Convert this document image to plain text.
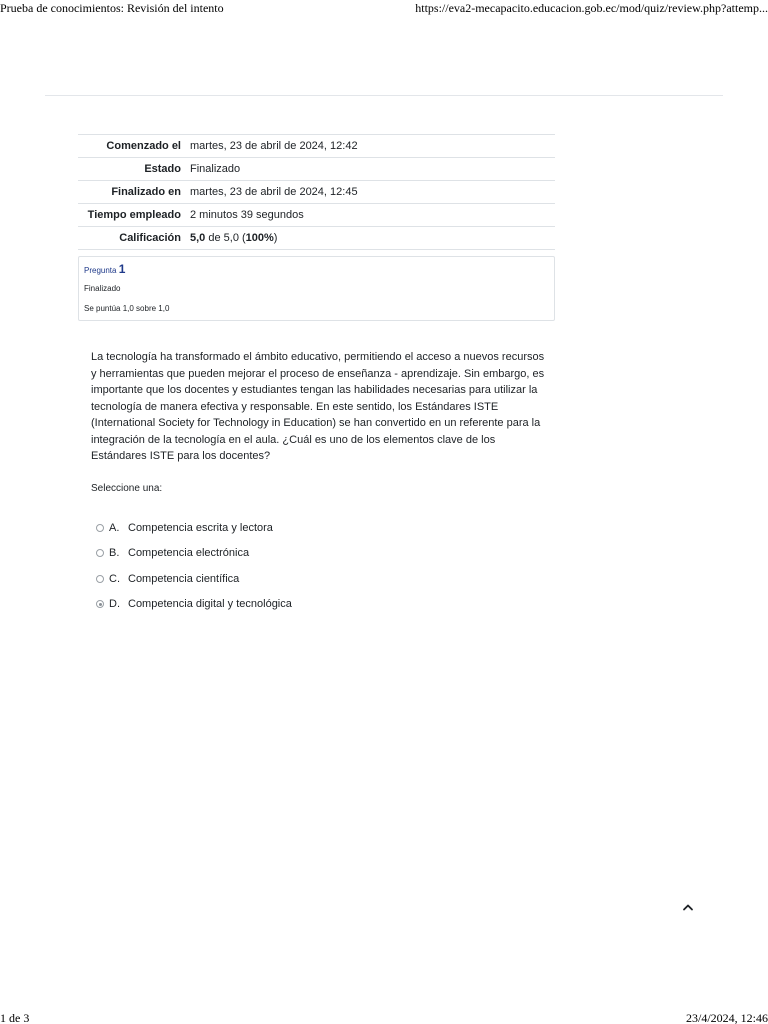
Prueba de conocimientos: Revisión del intento	https://eva2-mecapacito.educacion.gob.ec/mod/quiz/review.php?attemp...
Comenzado el	martes, 23 de abril de 2024, 12:42
Estado	Finalizado
Finalizado en	martes, 23 de abril de 2024, 12:45
Tiempo empleado	2 minutos 39 segundos
Calificación	5,0 de 5,0 (100%)
Pregunta 1
Finalizado
Se puntúa 1,0 sobre 1,0

La tecnología ha transformado el ámbito educativo, permitiendo el acceso a nuevos recursos y herramientas que pueden mejorar el proceso de enseñanza - aprendizaje. Sin embargo, es importante que los docentes y estudiantes tengan las habilidades necesarias para utilizar la tecnología de manera efectiva y responsable. En este sentido, los Estándares ISTE (International Society for Technology in Education) se han convertido en un referente para la integración de la tecnología en el aula. ¿Cuál es uno de los elementos clave de los Estándares ISTE para los docentes?

Seleccione una:
A. Competencia escrita y lectora
B. Competencia electrónica
C. Competencia científica
D. Competencia digital y tecnológica
1 de 3	23/4/2024, 12:46
